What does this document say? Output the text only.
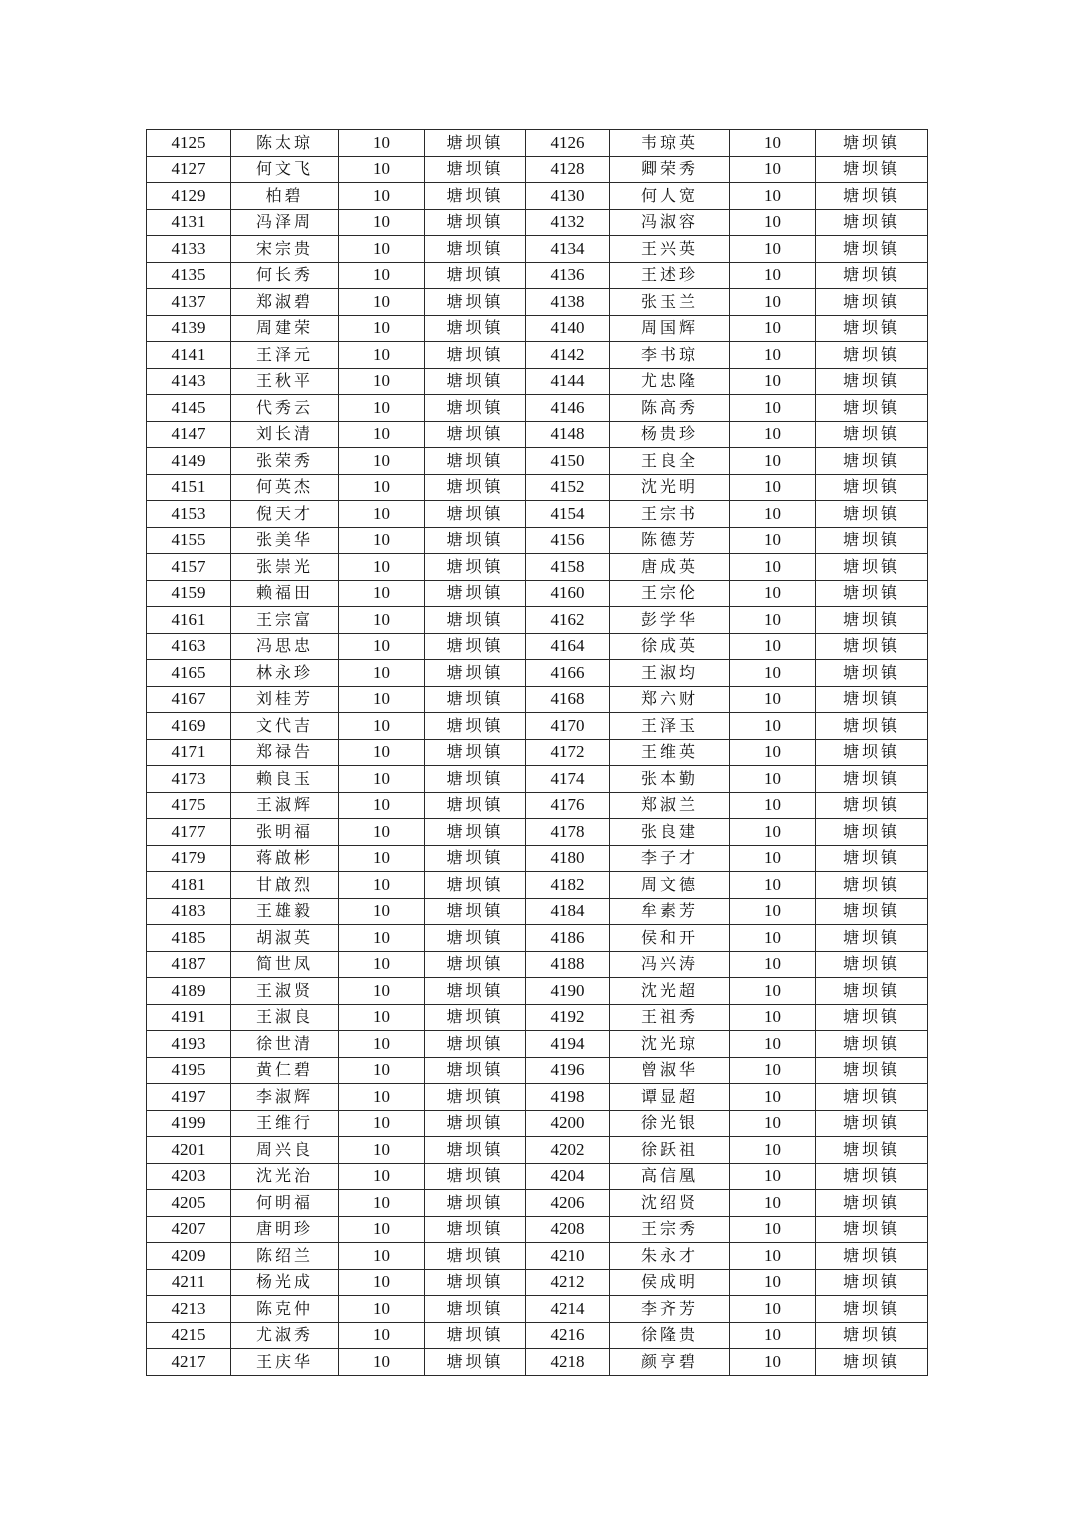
4125	陈太琼	10	塘坝镇	4126	韦琼英	10	塘坝镇
4127	何文飞	10	塘坝镇	4128	卿荣秀	10	塘坝镇
4129	柏碧	10	塘坝镇	4130	何人宽	10	塘坝镇
4131	冯泽周	10	塘坝镇	4132	冯淑容	10	塘坝镇
4133	宋宗贵	10	塘坝镇	4134	王兴英	10	塘坝镇
4135	何长秀	10	塘坝镇	4136	王述珍	10	塘坝镇
4137	郑淑碧	10	塘坝镇	4138	张玉兰	10	塘坝镇
4139	周建荣	10	塘坝镇	4140	周国辉	10	塘坝镇
4141	王泽元	10	塘坝镇	4142	李书琼	10	塘坝镇
4143	王秋平	10	塘坝镇	4144	尤忠隆	10	塘坝镇
4145	代秀云	10	塘坝镇	4146	陈高秀	10	塘坝镇
4147	刘长清	10	塘坝镇	4148	杨贵珍	10	塘坝镇
4149	张荣秀	10	塘坝镇	4150	王良全	10	塘坝镇
4151	何英杰	10	塘坝镇	4152	沈光明	10	塘坝镇
4153	倪天才	10	塘坝镇	4154	王宗书	10	塘坝镇
4155	张美华	10	塘坝镇	4156	陈德芳	10	塘坝镇
4157	张崇光	10	塘坝镇	4158	唐成英	10	塘坝镇
4159	赖福田	10	塘坝镇	4160	王宗伦	10	塘坝镇
4161	王宗富	10	塘坝镇	4162	彭学华	10	塘坝镇
4163	冯思忠	10	塘坝镇	4164	徐成英	10	塘坝镇
4165	林永珍	10	塘坝镇	4166	王淑均	10	塘坝镇
4167	刘桂芳	10	塘坝镇	4168	郑六财	10	塘坝镇
4169	文代吉	10	塘坝镇	4170	王泽玉	10	塘坝镇
4171	郑禄告	10	塘坝镇	4172	王维英	10	塘坝镇
4173	赖良玉	10	塘坝镇	4174	张本勤	10	塘坝镇
4175	王淑辉	10	塘坝镇	4176	郑淑兰	10	塘坝镇
4177	张明福	10	塘坝镇	4178	张良建	10	塘坝镇
4179	蒋啟彬	10	塘坝镇	4180	李子才	10	塘坝镇
4181	甘啟烈	10	塘坝镇	4182	周文德	10	塘坝镇
4183	王雄毅	10	塘坝镇	4184	牟素芳	10	塘坝镇
4185	胡淑英	10	塘坝镇	4186	侯和开	10	塘坝镇
4187	简世凤	10	塘坝镇	4188	冯兴涛	10	塘坝镇
4189	王淑贤	10	塘坝镇	4190	沈光超	10	塘坝镇
4191	王淑良	10	塘坝镇	4192	王祖秀	10	塘坝镇
4193	徐世清	10	塘坝镇	4194	沈光琼	10	塘坝镇
4195	黄仁碧	10	塘坝镇	4196	曾淑华	10	塘坝镇
4197	李淑辉	10	塘坝镇	4198	谭显超	10	塘坝镇
4199	王维行	10	塘坝镇	4200	徐光银	10	塘坝镇
4201	周兴良	10	塘坝镇	4202	徐跃祖	10	塘坝镇
4203	沈光治	10	塘坝镇	4204	高信凰	10	塘坝镇
4205	何明福	10	塘坝镇	4206	沈绍贤	10	塘坝镇
4207	唐明珍	10	塘坝镇	4208	王宗秀	10	塘坝镇
4209	陈绍兰	10	塘坝镇	4210	朱永才	10	塘坝镇
4211	杨光成	10	塘坝镇	4212	侯成明	10	塘坝镇
4213	陈克仲	10	塘坝镇	4214	李齐芳	10	塘坝镇
4215	尤淑秀	10	塘坝镇	4216	徐隆贵	10	塘坝镇
4217	王庆华	10	塘坝镇	4218	颜亨碧	10	塘坝镇
